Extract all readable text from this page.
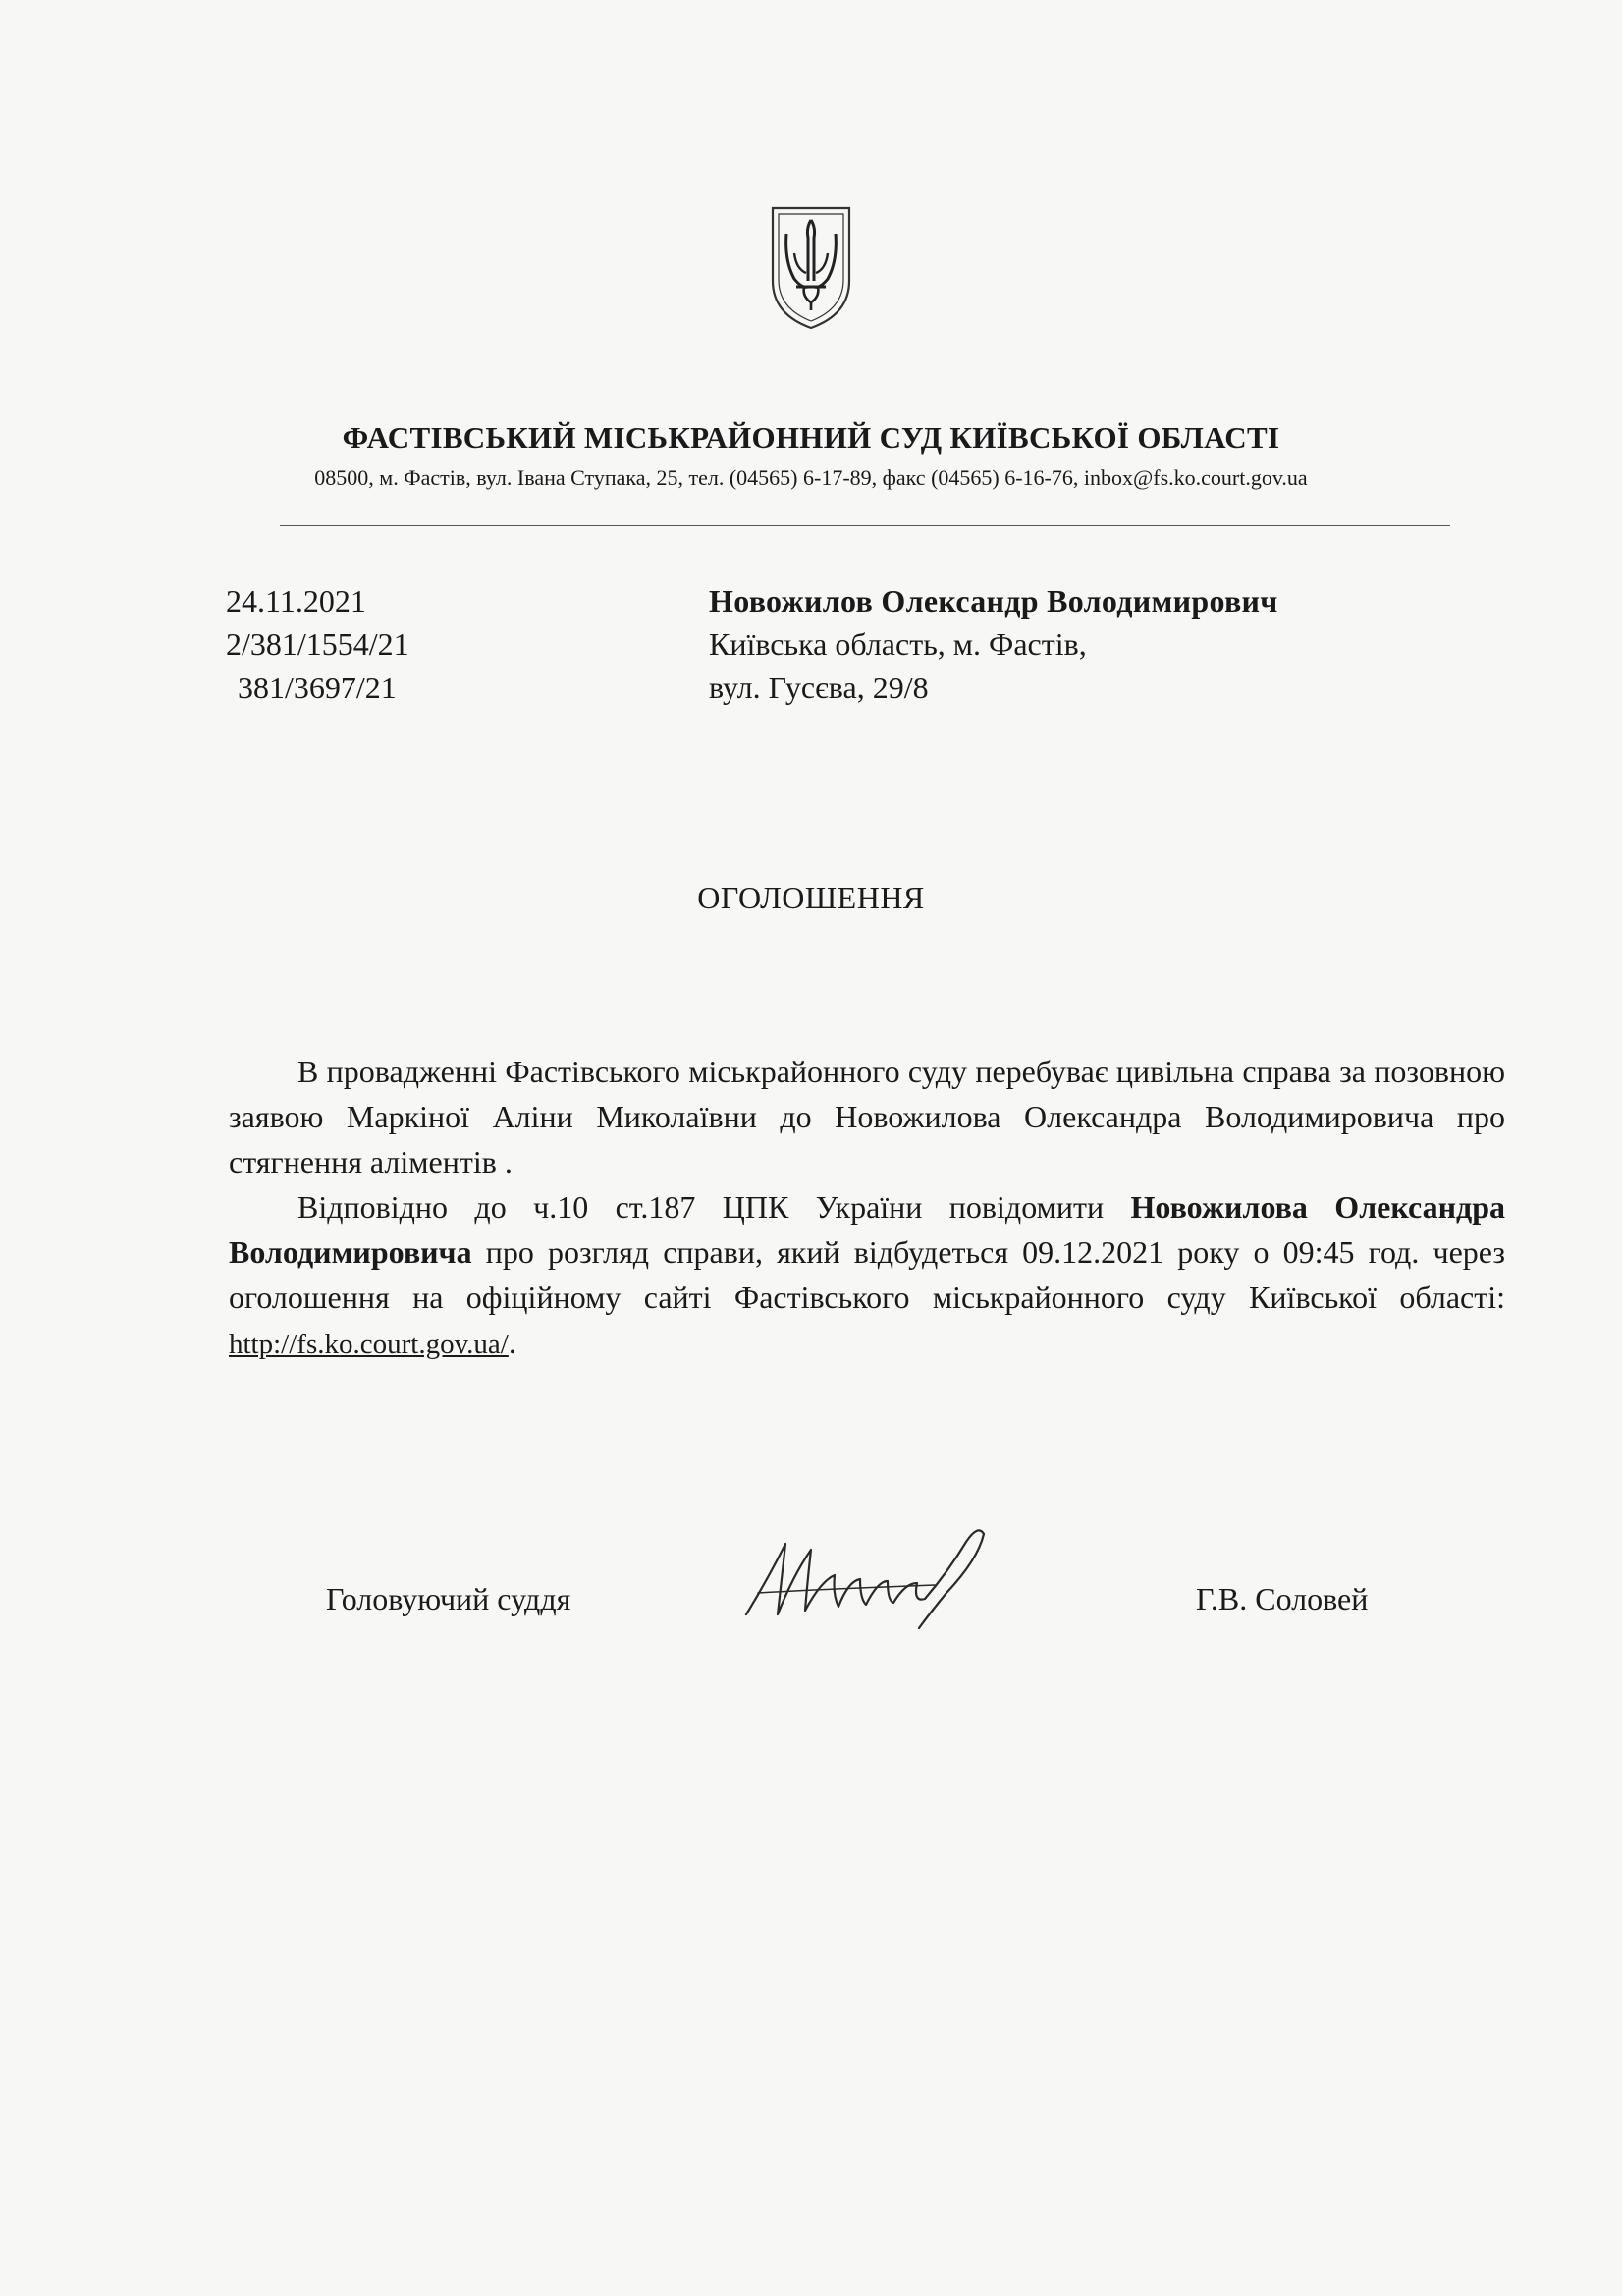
ФАСТІВСЬКИЙ МІСЬКРАЙОННИЙ СУД КИЇВСЬКОЇ ОБЛАСТІ
08500, м. Фастів, вул. Івана Ступака, 25, тел. (04565) 6-17-89, факс (04565) 6-16-76, inbox@fs.ko.court.gov.ua
24.11.2021
2/381/1554/21
381/3697/21
Новожилов Олександр Володимирович
Київська область, м. Фастів,
вул. Гусєва, 29/8
ОГОЛОШЕННЯ

В провадженні Фастівського міськрайонного суду перебуває цивільна справа за позовною заявою Маркіної Аліни Миколаївни до Новожилова Олександра Володимировича про стягнення аліментів .

Відповідно до ч.10 ст.187 ЦПК України повідомити Новожилова Олександра Володимировича про розгляд справи, який відбудеться 09.12.2021 року о 09:45 год. через оголошення на офіційному сайті Фастівського міськрайонного суду Київської області: http://fs.ko.court.gov.ua/.

Головуючий суддя	Г.В. Соловей
